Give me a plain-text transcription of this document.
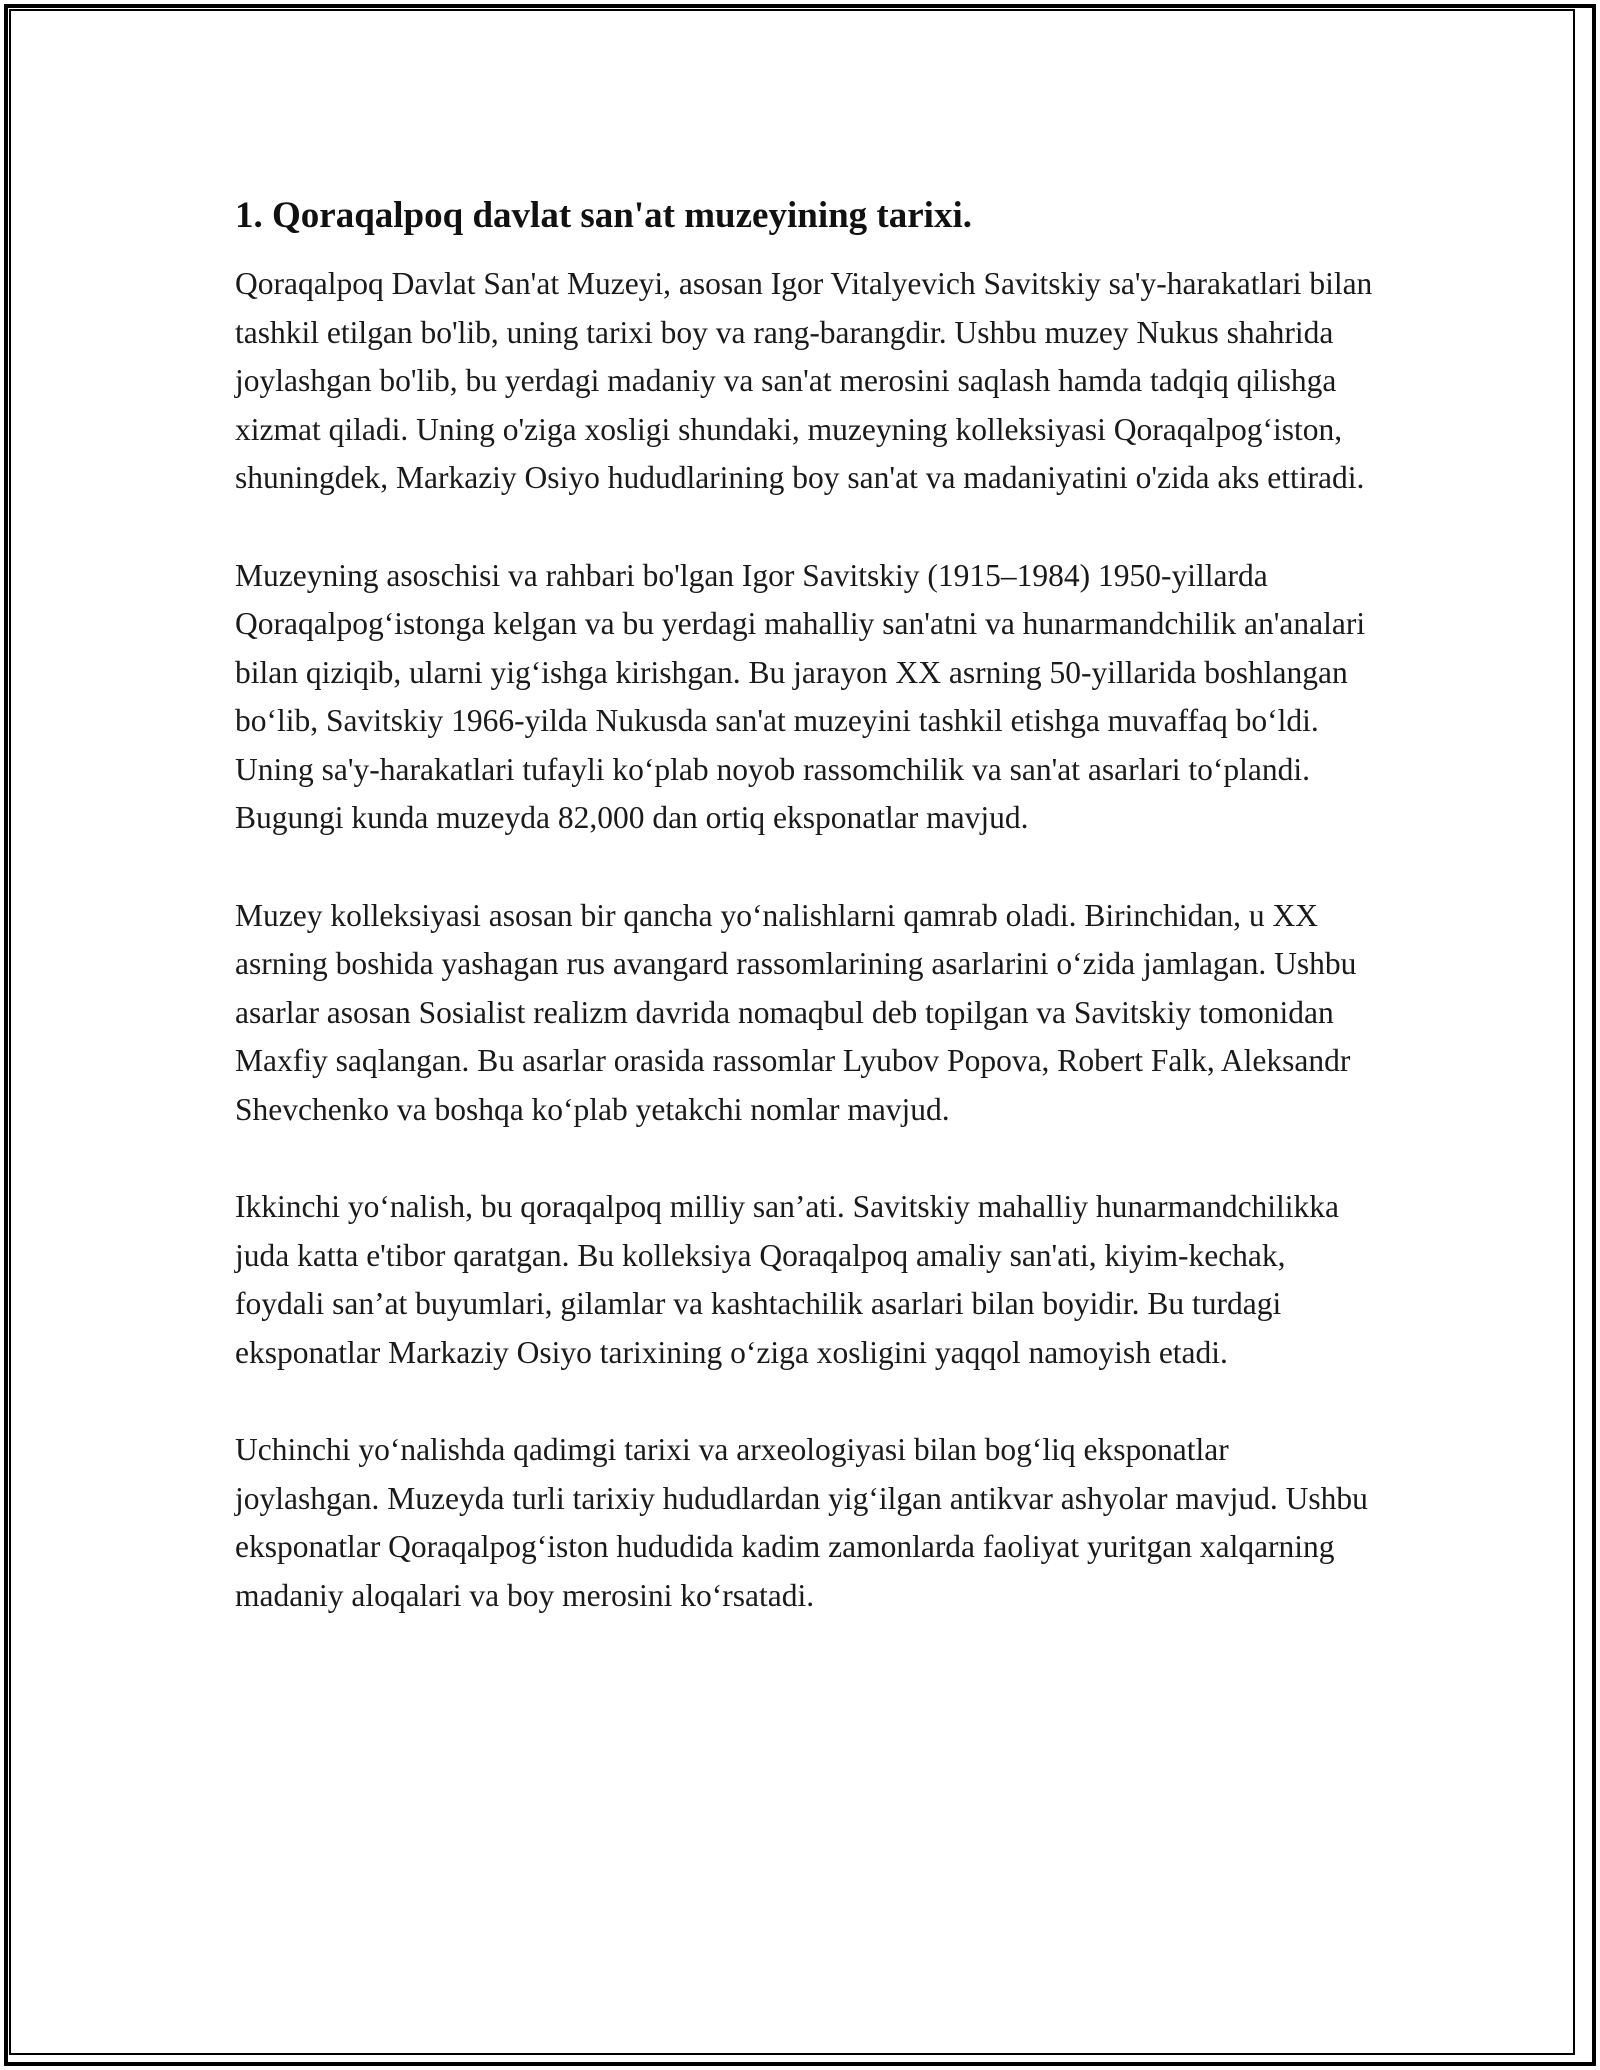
1. Qoraqalpoq davlat san'at muzeyining tarixi.

Qoraqalpoq Davlat San'at Muzeyi, asosan Igor Vitalyevich Savitskiy sa'y-harakatlari bilan tashkil etilgan bo'lib, uning tarixi boy va rang-barangdir. Ushbu muzey Nukus shahrida joylashgan bo'lib, bu yerdagi madaniy va san'at merosini saqlash hamda tadqiq qilishga xizmat qiladi. Uning o'ziga xosligi shundaki, muzeyning kolleksiyasi Qoraqalpog‘iston, shuningdek, Markaziy Osiyo hududlarining boy san'at va madaniyatini o'zida aks ettiradi.

Muzeyning asoschisi va rahbari bo'lgan Igor Savitskiy (1915–1984) 1950-yillarda Qoraqalpog‘istonga kelgan va bu yerdagi mahalliy san'atni va hunarmandchilik an'analari bilan qiziqib, ularni yig‘ishga kirishgan. Bu jarayon XX asrning 50-yillarida boshlangan bo‘lib, Savitskiy 1966-yilda Nukusda san'at muzeyini tashkil etishga muvaffaq bo‘ldi. Uning sa'y-harakatlari tufayli ko‘plab noyob rassomchilik va san'at asarlari to‘plandi. Bugungi kunda muzeyda 82,000 dan ortiq eksponatlar mavjud.

Muzey kolleksiyasi asosan bir qancha yo‘nalishlarni qamrab oladi. Birinchidan, u XX asrning boshida yashagan rus avangard rassomlarining asarlarini o‘zida jamlagan. Ushbu asarlar asosan Sosialist realizm davrida nomaqbul deb topilgan va Savitskiy tomonidan Maxfiy saqlangan. Bu asarlar orasida rassomlar Lyubov Popova, Robert Falk, Aleksandr Shevchenko va boshqa ko‘plab yetakchi nomlar mavjud.

Ikkinchi yo‘nalish, bu qoraqalpoq milliy san’ati. Savitskiy mahalliy hunarmandchilikka juda katta e'tibor qaratgan. Bu kolleksiya Qoraqalpoq amaliy san'ati, kiyim-kechak, foydali san’at buyumlari, gilamlar va kashtachilik asarlari bilan boyidir. Bu turdagi eksponatlar Markaziy Osiyo tarixining o‘ziga xosligini yaqqol namoyish etadi.

Uchinchi yo‘nalishda qadimgi tarixi va arxeologiyasi bilan bog‘liq eksponatlar joylashgan. Muzeyda turli tarixiy hududlardan yig‘ilgan antikvar ashyolar mavjud. Ushbu eksponatlar Qoraqalpog‘iston hududida kadim zamonlarda faoliyat yuritgan xalqarning madaniy aloqalari va boy merosini ko‘rsatadi.
